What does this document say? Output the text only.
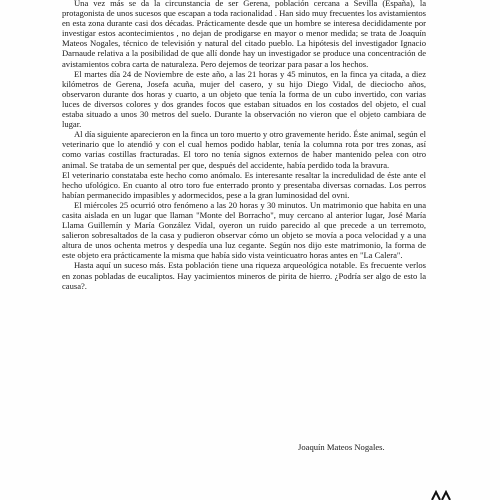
Una vez más se da la circunstancia de ser Gerena, población cercana a Sevilla (España), la protagonista de unos sucesos que escapan a toda racionalidad . Han sido muy frecuentes los avistamientos en esta zona durante casi dos décadas. Prácticamente desde que un hombre se interesa decididamente por investigar estos acontecimientos , no dejan de prodigarse en mayor o menor medida; se trata de Joaquín Mateos Nogales, técnico de televisión y natural del citado pueblo. La hipótesis del investigador Ignacio Darnaude relativa a la posibilidad de que allí donde hay un investigador se produce una concentración de avistamientos cobra carta de naturaleza. Pero dejemos de teorizar para pasar a los hechos.

El martes día 24 de Noviembre de este año, a las 21 horas y 45 minutos, en la finca ya citada, a diez kilómetros de Gerena, Josefa acuña, mujer del casero, y su hijo Diego Vidal, de dieciocho años, observaron durante dos horas y cuarto, a un objeto que tenía la forma de un cubo invertido, con varias luces de diversos colores y dos grandes focos que estaban situados en los costados del objeto, el cual estaba situado a unos 30 metros del suelo. Durante la observación no vieron que el objeto cambiara de lugar.

Al día siguiente aparecieron en la finca un toro muerto y otro gravemente herido. Éste animal, según el veterinario que lo atendió y con el cual hemos podido hablar, tenía la columna rota por tres zonas, así como varias costillas fracturadas. El toro no tenía signos externos de haber mantenido pelea con otro animal. Se trataba de un semental per que, después del accidente, había perdido toda la bravura.

El veterinario constataba este hecho como anómalo. Es interesante resaltar la incredulidad de éste ante el hecho ufológico. En cuanto al otro toro fue enterrado pronto y presentaba diversas cornadas. Los perros habían permanecido impasibles y adormecidos, pese a la gran luminosidad del ovni.

El miércoles 25 ocurrió otro fenómeno a las 20 horas y 30 minutos. Un matrimonio que habita en una casita aislada en un lugar que llaman "Monte del Borracho", muy cercano al anterior lugar, José María Llama Guillemín y María González Vidal, oyeron un ruido parecido al que precede a un terremoto, salieron sobresaltados de la casa y pudieron observar cómo un objeto se movía a poca velocidad y a una altura de unos ochenta metros y despedía una luz cegante. Según nos dijo este matrimonio, la forma de este objeto era prácticamente la misma que había sido vista veinticuatro horas antes en "La Calera".

Hasta aquí un suceso más. Esta población tiene una riqueza arqueológica notable. Es frecuente verlos en zonas pobladas de eucaliptos. Hay yacimientos mineros de pirita de hierro. ¿Podría ser algo de esto la causa?.

Joaquín Mateos Nogales.
